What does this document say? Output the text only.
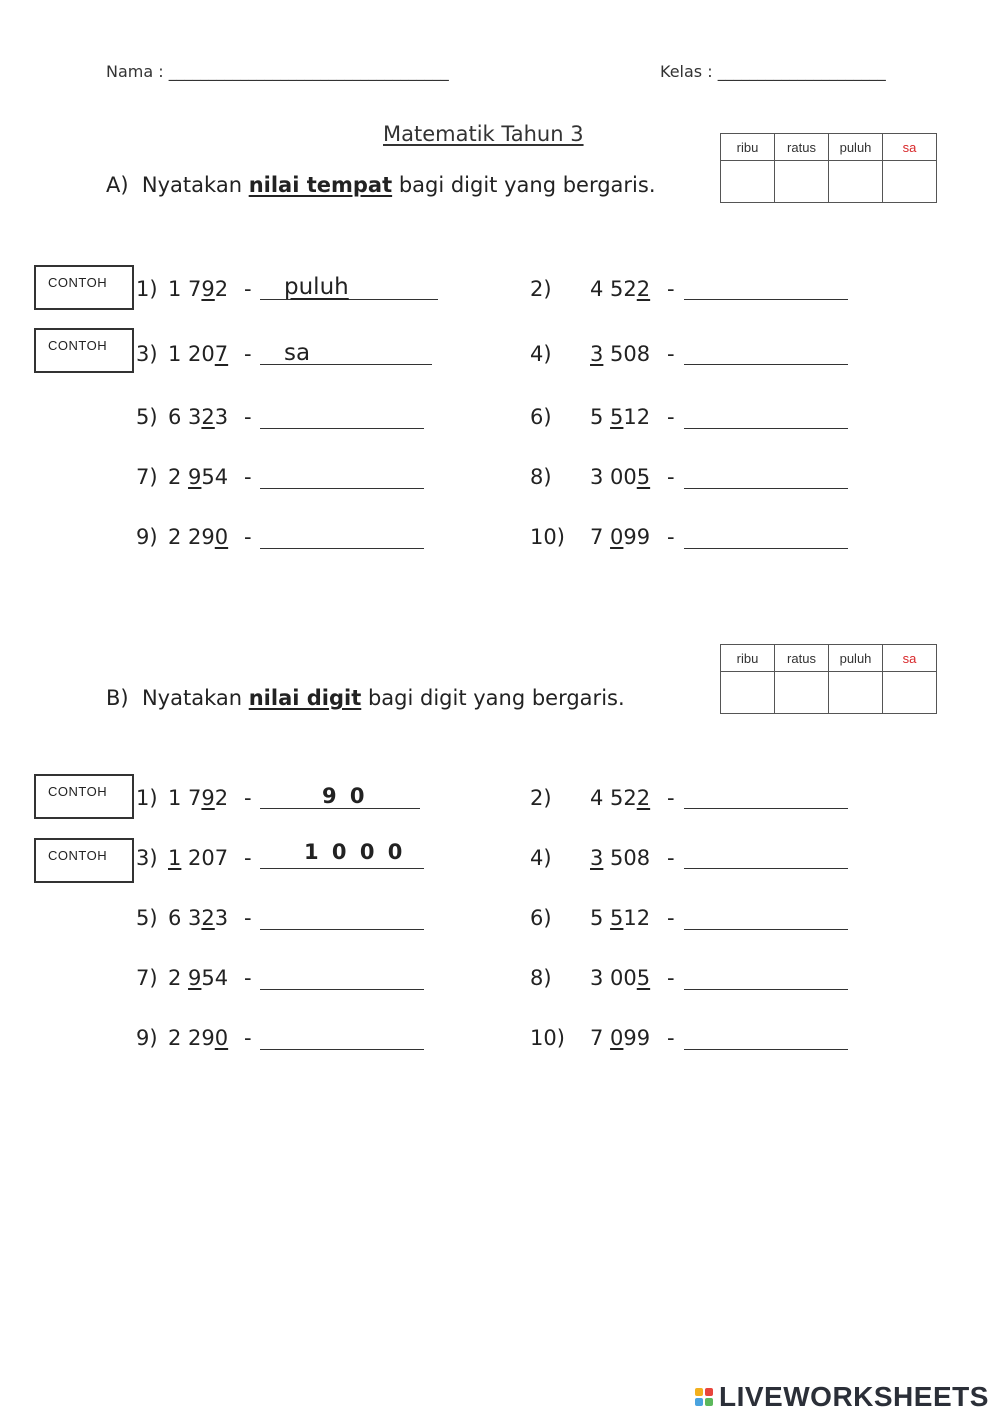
Nama : ___________________________________	Kelas : _____________________
Matematik Tahun 3
A) Nyatakan nilai tempat bagi digit yang bergaris.
ribu	ratus	puluh	sa

CONTOH
CONTOH
1) 1 792 - puluh
3) 1 207 - sa
5) 6 323 -
7) 2 954 -
9) 2 290 -
2) 4 522 -
4) 3 508 -
6) 5 512 -
8) 3 005 -
10) 7 099 -
ribu	ratus	puluh	sa

B) Nyatakan nilai digit bagi digit yang bergaris.
CONTOH
CONTOH
1) 1 792 -	9 0
3) 1 207 - 1 0 0 0
5) 6 323 -
7) 2 954 -
9) 2 290 -
2) 4 522 -
4) 3 508 -
6) 5 512 -
8) 3 005 -
10) 7 099 -
LIVEWORKSHEETS
